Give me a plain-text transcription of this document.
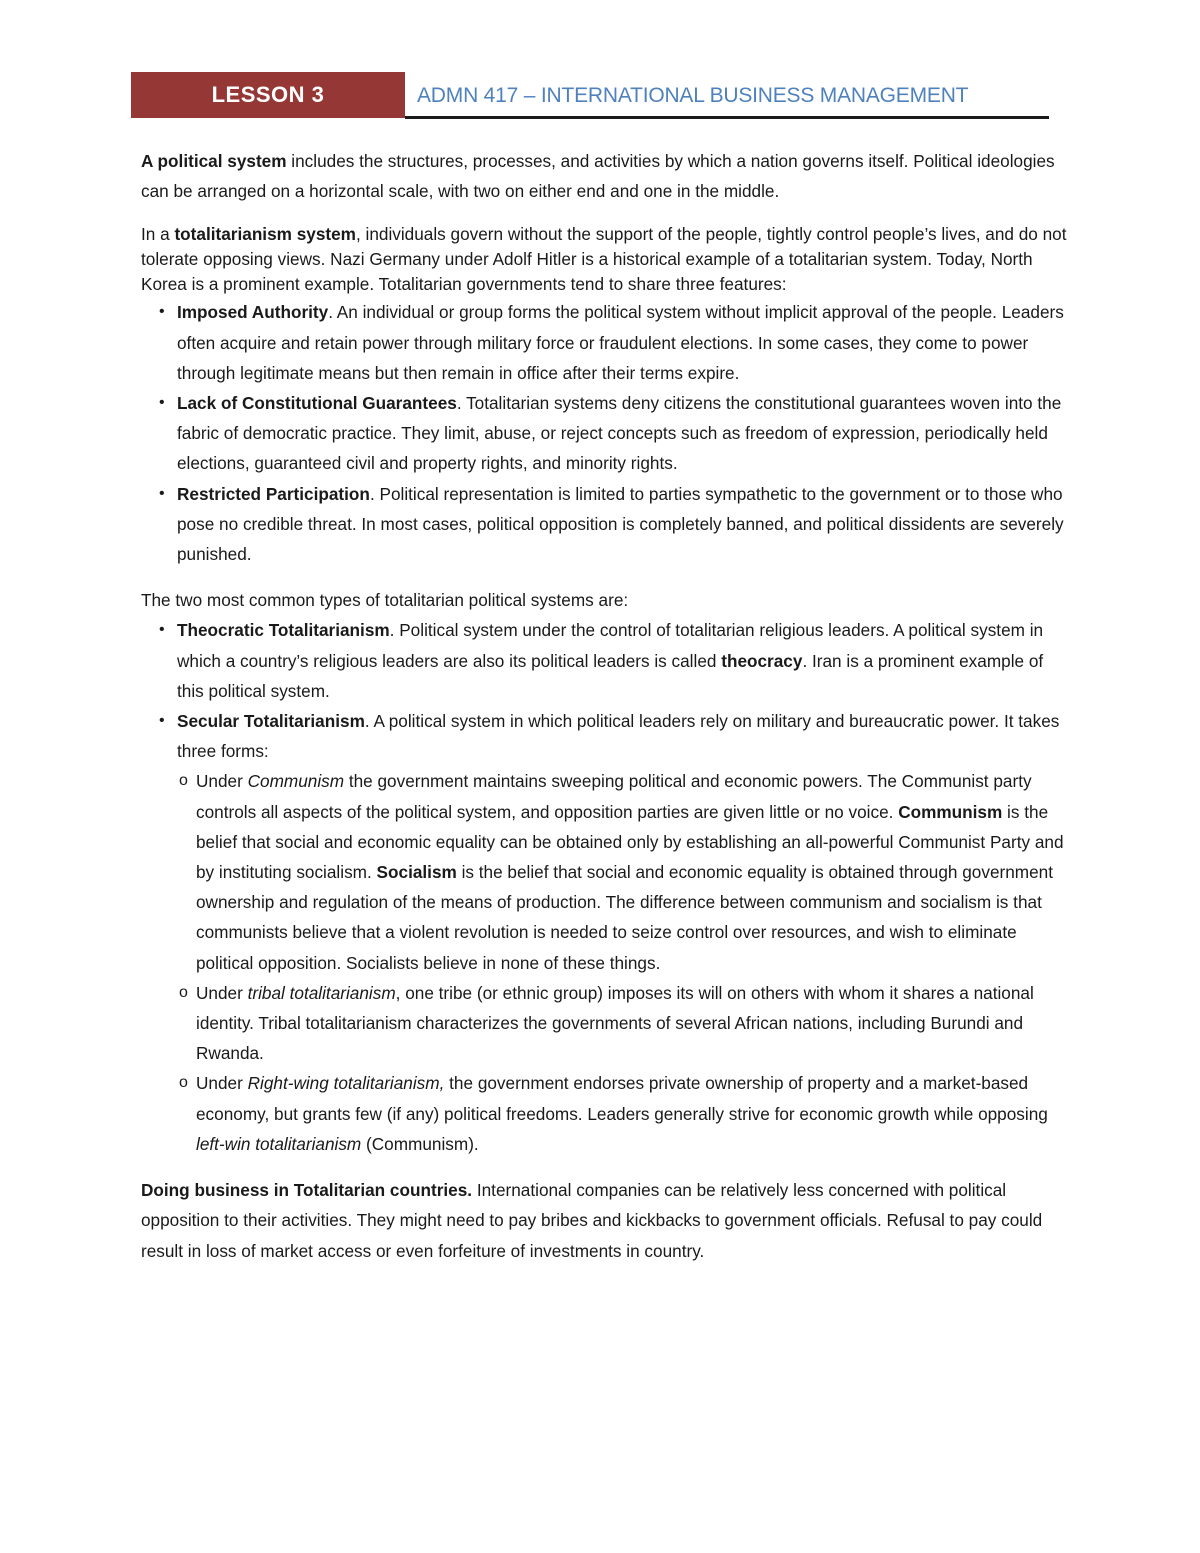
LESSON 3	ADMN 417 – INTERNATIONAL BUSINESS MANAGEMENT

A political system includes the structures, processes, and activities by which a nation governs itself. Political ideologies can be arranged on a horizontal scale, with two on either end and one in the middle.

In a totalitarianism system, individuals govern without the support of the people, tightly control people’s lives, and do not tolerate opposing views. Nazi Germany under Adolf Hitler is a historical example of a totalitarian system. Today, North Korea is a prominent example. Totalitarian governments tend to share three features:

• Imposed Authority. An individual or group forms the political system without implicit approval of the people. Leaders often acquire and retain power through military force or fraudulent elections. In some cases, they come to power through legitimate means but then remain in office after their terms expire.
• Lack of Constitutional Guarantees. Totalitarian systems deny citizens the constitutional guarantees woven into the fabric of democratic practice. They limit, abuse, or reject concepts such as freedom of expression, periodically held elections, guaranteed civil and property rights, and minority rights.
• Restricted Participation. Political representation is limited to parties sympathetic to the government or to those who pose no credible threat. In most cases, political opposition is completely banned, and political dissidents are severely punished.

The two most common types of totalitarian political systems are:

• Theocratic Totalitarianism. Political system under the control of totalitarian religious leaders. A political system in which a country’s religious leaders are also its political leaders is called theocracy. Iran is a prominent example of this political system.
• Secular Totalitarianism. A political system in which political leaders rely on military and bureaucratic power. It takes three forms:
o Under Communism the government maintains sweeping political and economic powers. The Communist party controls all aspects of the political system, and opposition parties are given little or no voice. Communism is the belief that social and economic equality can be obtained only by establishing an all-powerful Communist Party and by instituting socialism. Socialism is the belief that social and economic equality is obtained through government ownership and regulation of the means of production. The difference between communism and socialism is that communists believe that a violent revolution is needed to seize control over resources, and wish to eliminate political opposition. Socialists believe in none of these things.
o Under tribal totalitarianism, one tribe (or ethnic group) imposes its will on others with whom it shares a national identity. Tribal totalitarianism characterizes the governments of several African nations, including Burundi and Rwanda.
o Under Right-wing totalitarianism, the government endorses private ownership of property and a market-based economy, but grants few (if any) political freedoms. Leaders generally strive for economic growth while opposing left-win totalitarianism (Communism).

Doing business in Totalitarian countries. International companies can be relatively less concerned with political opposition to their activities. They might need to pay bribes and kickbacks to government officials. Refusal to pay could result in loss of market access or even forfeiture of investments in country.
